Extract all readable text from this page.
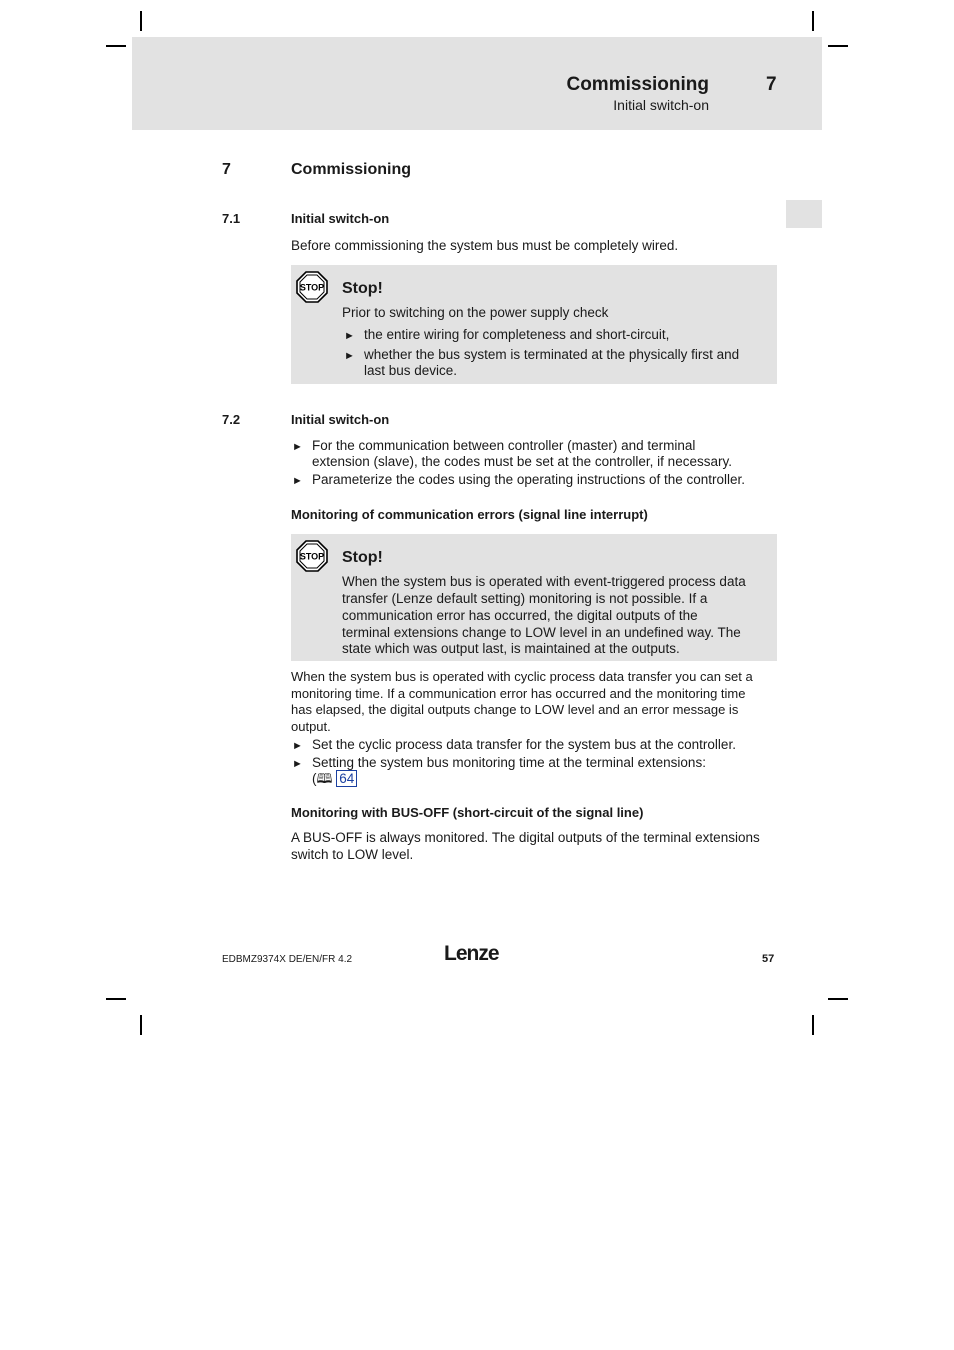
Commissioning	7
Initial switch-on
7	Commissioning
7.1	Initial switch-on
Before commissioning the system bus must be completely wired.
STOP Stop!
Prior to switching on the power supply check
► the entire wiring for completeness and short-circuit,
► whether the bus system is terminated at the physically first and
last bus device.
7.2	Initial switch-on
► For the communication between controller (master) and terminal
extension (slave), the codes must be set at the controller, if necessary.
► Parameterize the codes using the operating instructions of the controller.
Monitoring of communication errors (signal line interrupt)
STOP Stop!
When the system bus is operated with event-triggered process data
transfer (Lenze default setting) monitoring is not possible. If a
communication error has occurred, the digital outputs of the
terminal extensions change to LOW level in an undefined way. The
state which was output last, is maintained at the outputs.
When the system bus is operated with cyclic process data transfer you can set a
monitoring time. If a communication error has occurred and the monitoring time
has elapsed, the digital outputs change to LOW level and an error message is
output.
► Set the cyclic process data transfer for the system bus at the controller.
► Setting the system bus monitoring time at the terminal extensions:
(🕮 64
Monitoring with BUS-OFF (short-circuit of the signal line)
A BUS-OFF is always monitored. The digital outputs of the terminal extensions
switch to LOW level.
EDBMZ9374X DE/EN/FR 4.2	Lenze	57
